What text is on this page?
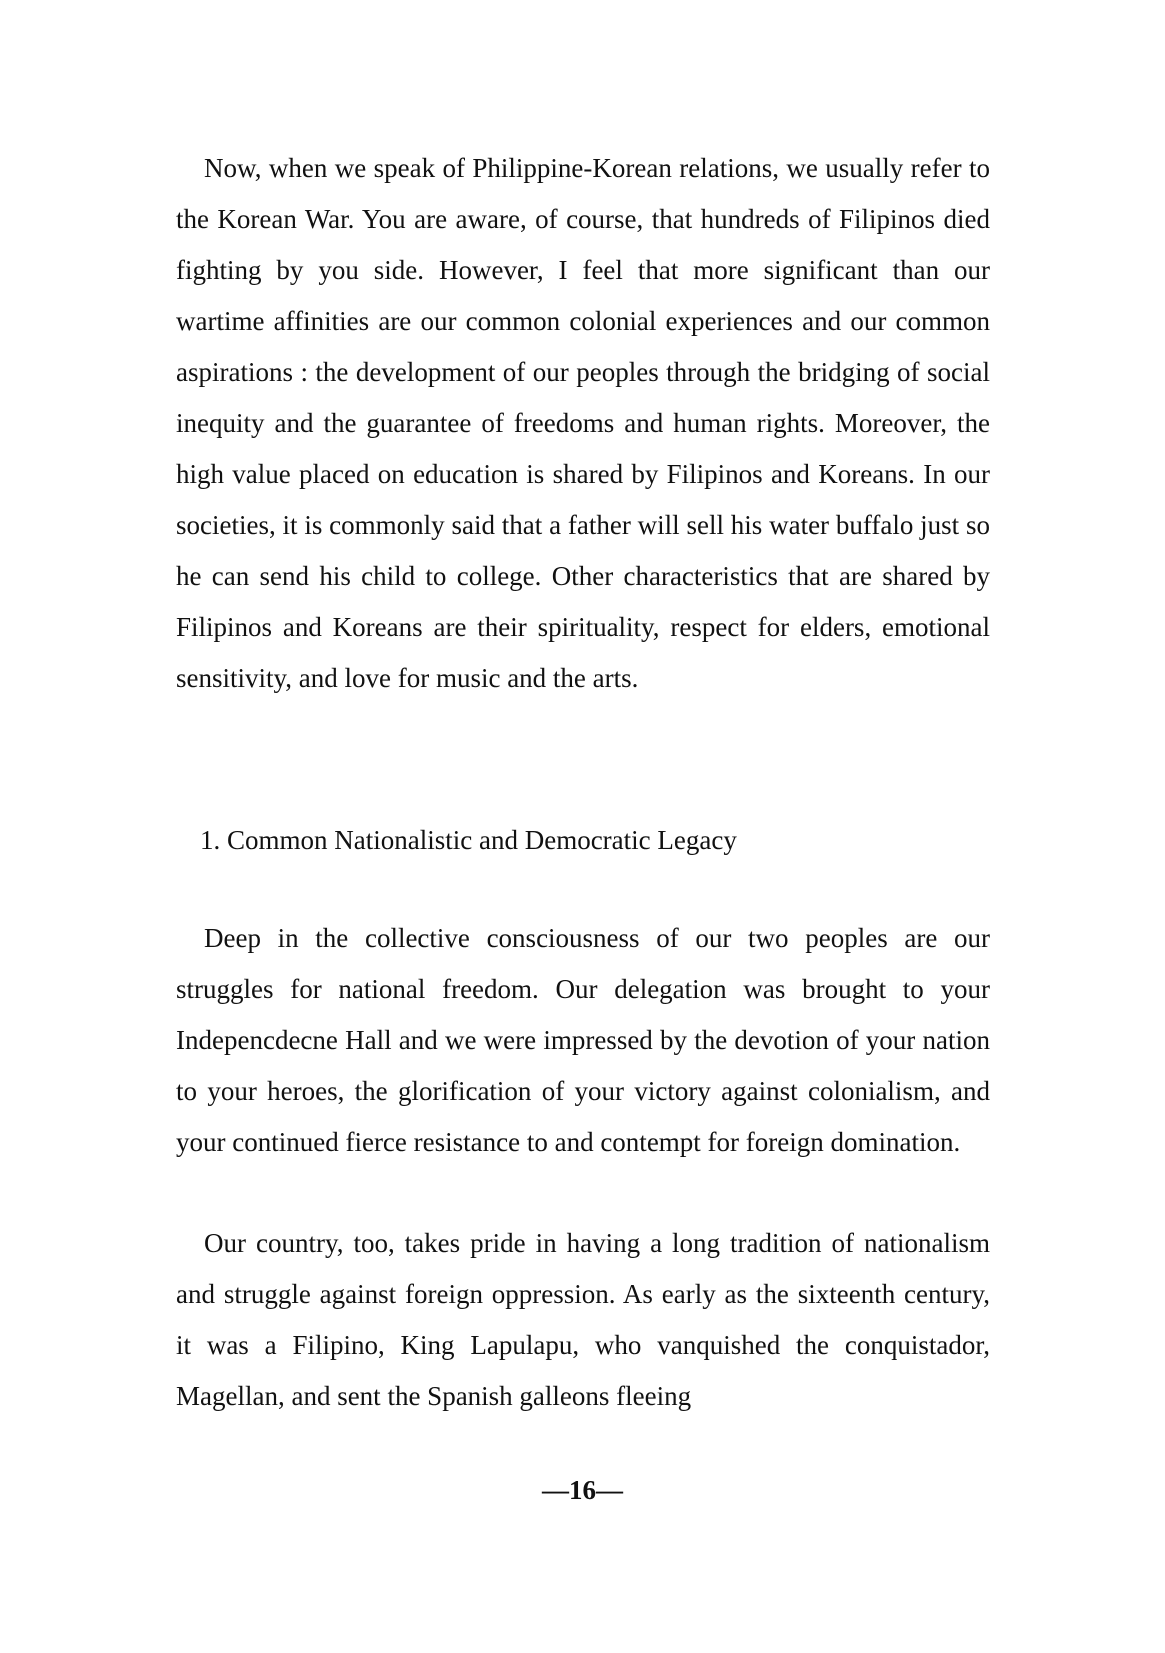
Now, when we speak of Philippine-Korean relations, we usually refer to the Korean War. You are aware, of course, that hundreds of Filipinos died fighting by you side. However, I feel that more significant than our wartime affinities are our common colonial experiences and our common aspirations : the development of our peoples through the bridging of social inequity and the guarantee of freedoms and human rights. Moreover, the high value placed on education is shared by Filipinos and Koreans. In our societies, it is commonly said that a father will sell his water buffalo just so he can send his child to college. Other characteristics that are shared by Filipinos and Koreans are their spirituality, respect for elders, emotional sensitivity, and love for music and the arts.

1. Common Nationalistic and Democratic Legacy

Deep in the collective consciousness of our two peoples are our struggles for national freedom. Our delegation was brought to your Indepencdecne Hall and we were impressed by the devotion of your nation to your heroes, the glorification of your victory against colonialism, and your continued fierce resistance to and contempt for foreign domination.

Our country, too, takes pride in having a long tradition of nationalism and struggle against foreign oppression. As early as the sixteenth century, it was a Filipino, King Lapulapu, who vanquished the conquistador, Magellan, and sent the Spanish galleons fleeing

—16—
